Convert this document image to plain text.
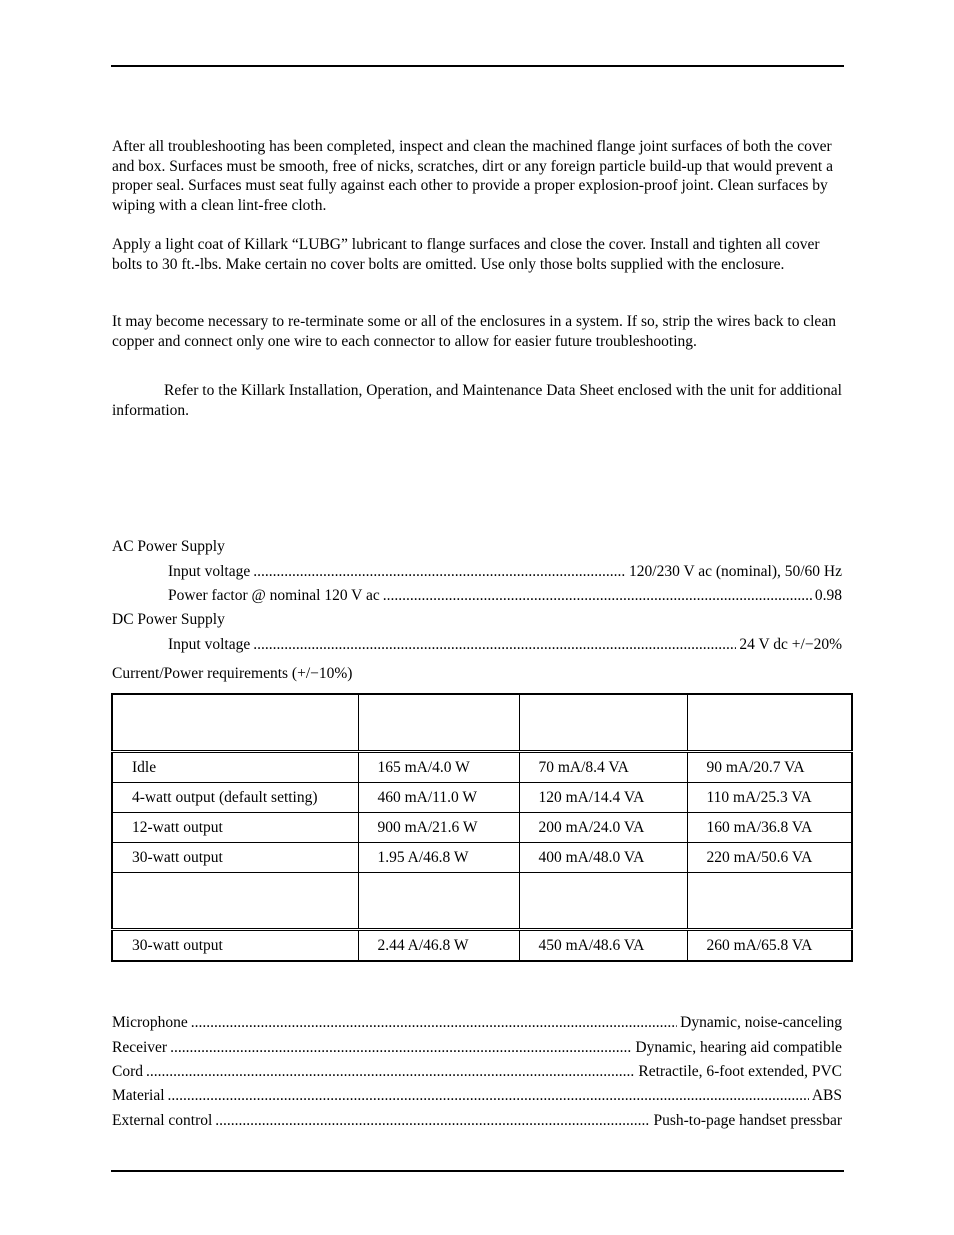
After all troubleshooting has been completed, inspect and clean the machined flange joint surfaces of both the cover and box. Surfaces must be smooth, free of nicks, scratches, dirt or any foreign particle build-up that would prevent a proper seal. Surfaces must seat fully against each other to provide a proper explosion-proof joint. Clean surfaces by wiping with a clean lint-free cloth.

Apply a light coat of Killark “LUBG” lubricant to flange surfaces and close the cover. Install and tighten all cover bolts to 30 ft.-lbs. Make certain no cover bolts are omitted. Use only those bolts supplied with the enclosure.

It may become necessary to re-terminate some or all of the enclosures in a system. If so, strip the wires back to clean copper and connect only one wire to each connector to allow for easier future troubleshooting.

Refer to the Killark Installation, Operation, and Maintenance Data Sheet enclosed with the unit for additional information.

AC Power Supply
Input voltage .....	120/230 V ac (nominal), 50/60 Hz
Power factor @ nominal 120 V ac .....	0.98
DC Power Supply
Input voltage .....	24 V dc +/−20%
Current/Power requirements (+/−10%)

Idle	165 mA/4.0 W	70 mA/8.4 VA	90 mA/20.7 VA
4-watt output (default setting)	460 mA/11.0 W	120 mA/14.4 VA	110 mA/25.3 VA
12-watt output	900 mA/21.6 W	200 mA/24.0 VA	160 mA/36.8 VA
30-watt output	1.95 A/46.8 W	400 mA/48.0 VA	220 mA/50.6 VA

30-watt output	2.44 A/46.8 W	450 mA/48.6 VA	260 mA/65.8 VA
Microphone .....	Dynamic, noise-canceling
Receiver .....	Dynamic, hearing aid compatible
Cord .....	Retractile, 6-foot extended, PVC
Material .....	ABS
External control .....	Push-to-page handset pressbar
